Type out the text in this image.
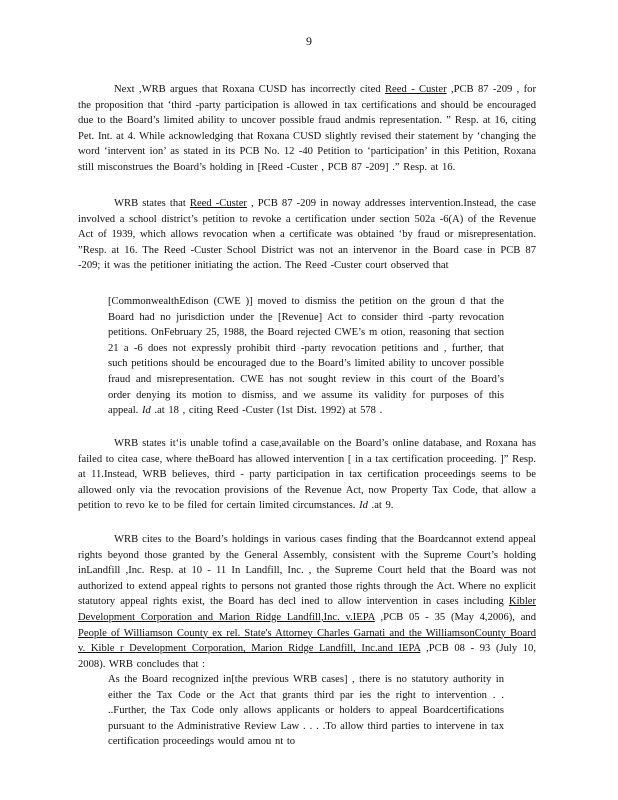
9

Next ,WRB argues that Roxana CUSD has incorrectly cited Reed - Custer ,PCB 87 -209 , for the proposition that ‘third -party participation is allowed in tax certifications and should be encouraged due to the Board’s limited ability to uncover possible fraud andmis representation. ” Resp. at 16, citing Pet. Int. at 4. While acknowledging that Roxana CUSD slightly revised their statement by ‘changing the word ‘intervent ion’ as stated in its PCB No. 12 -40 Petition to ‘participation’ in this Petition, Roxana still misconstrues the Board’s holding in [Reed -Custer , PCB 87 -209] .” Resp. at 16.

WRB states that Reed -Custer , PCB 87 -209 in noway addresses intervention.Instead, the case involved a school district’s petition to revoke a certification under section 502a -6(A) of the Revenue Act of 1939, which allows revocation when a certificate was obtained ‘by fraud or misrepresentation. ”Resp. at 16. The Reed -Custer School District was not an intervenor in the Board case in PCB 87 -209; it was the petitioner initiating the action. The Reed -Custer court observed that

[CommonwealthEdison (CWE )] moved to dismiss the petition on the groun d that the Board had no jurisdiction under the [Revenue] Act to consider third -party revocation petitions. OnFebruary 25, 1988, the Board rejected CWE’s m otion, reasoning that section 21 a -6 does not expressly prohibit third -party revocation petitions and , further, that such petitions should be encouraged due to the Board’s limited ability to uncover possible fraud and misrepresentation. CWE has not sought review in this court of the Board’s order denying its motion to dismiss, and we assume its validity for purposes of this appeal. Id .at 18 , citing Reed -Custer (1st Dist. 1992) at 578 .

WRB states it‘is unable tofind a case,available on the Board’s online database, and Roxana has failed to citea case, where theBoard has allowed intervention [ in a tax certification proceeding. ]” Resp. at 11.Instead, WRB believes, third - party participation in tax certification proceedings seems to be allowed only via the revocation provisions of the Revenue Act, now Property Tax Code, that allow a petition to revo ke to be filed for certain limited circumstances. Id .at 9.

WRB cites to the Board’s holdings in various cases finding that the Boardcannot extend appeal rights beyond those granted by the General Assembly, consistent with the Supreme Court’s holding inLandfill ,Inc. Resp. at 10 - 11 In Landfill, Inc. , the Supreme Court held that the Board was not authorized to extend appeal rights to persons not granted those rights through the Act. Where no explicit statutory appeal rights exist, the Board has decl ined to allow intervention in cases including Kibler Development Corporation and Marion Ridge Landfill,Inc. v.IEPA ,PCB 05 - 35 (May 4,2006), and People of Williamson County ex rel. State's Attorney Charles Garnati and the WilliamsonCounty Board v. Kible r Development Corporation, Marion Ridge Landfill, Inc.and IEPA ,PCB 08 - 93 (July 10, 2008). WRB concludes that :

As the Board recognized in[the previous WRB cases] , there is no statutory authority in either the Tax Code or the Act that grants third par ies the right to intervention . . ..Further, the Tax Code only allows applicants or holders to appeal Boardcertifications pursuant to the Administrative Review Law . . . .To allow third parties to intervene in tax certification proceedings would amou nt to
